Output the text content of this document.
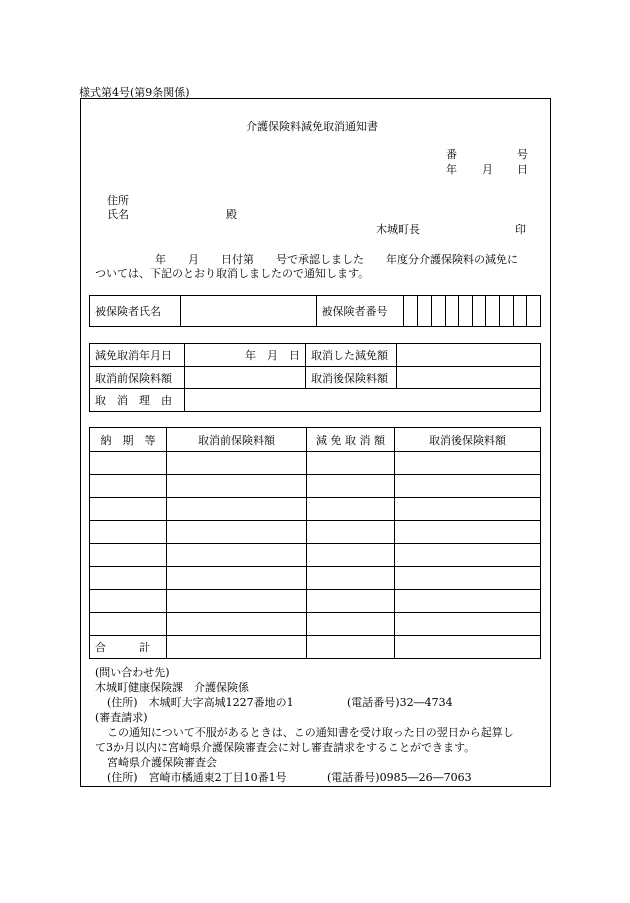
様式第4号(第9条関係)
介護保険料減免取消通知書
番	号
年 月 日
住所
氏名	殿
木城町長	印
年　　月　　日付第　　号で承認しました　　年度分介護保険料の減免に
ついては、下記のとおり取消しましたので通知します。
被保険者氏名		被保険者番号										
減免取消年月日	年　月　日	取消した減免額	
取消前保険料額		取消後保険料額	
取　消　理　由			
納　期　等	取消前保険料額	減 免 取 消 額	取消後保険料額

合　　　計			
(問い合わせ先)
木城町健康保険課　介護保険係
(住所)　木城町大字高城1227番地の1	(電話番号)32―4734
(審査請求)
この通知について不服があるときは、この通知書を受け取った日の翌日から起算し
て3か月以内に宮崎県介護保険審査会に対し審査請求をすることができます。
宮崎県介護保険審査会
(住所)　宮崎市橘通東2丁目10番1号	(電話番号)0985―26―7063
